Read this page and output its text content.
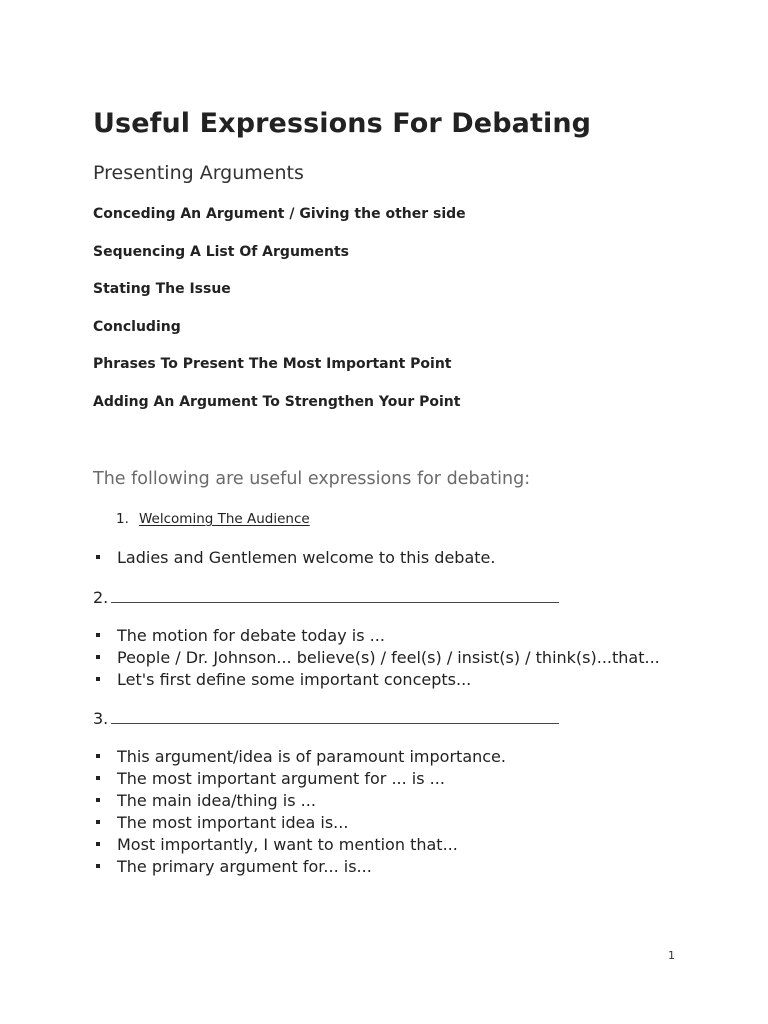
Useful Expressions For Debating
Presenting Arguments
Conceding An Argument / Giving the other side
Sequencing A List Of Arguments
Stating The Issue
Concluding
Phrases To Present The Most Important Point
Adding An Argument To Strengthen Your Point
The following are useful expressions for debating:
1. Welcoming The Audience
Ladies and Gentlemen welcome to this debate.
2.
The motion for debate today is ...
People / Dr. Johnson... believe(s) / feel(s) / insist(s) / think(s)...that...
Let's first define some important concepts...
3.
This argument/idea is of paramount importance.
The most important argument for ... is ...
The main idea/thing is ...
The most important idea is...
Most importantly, I want to mention that...
The primary argument for... is...
1
